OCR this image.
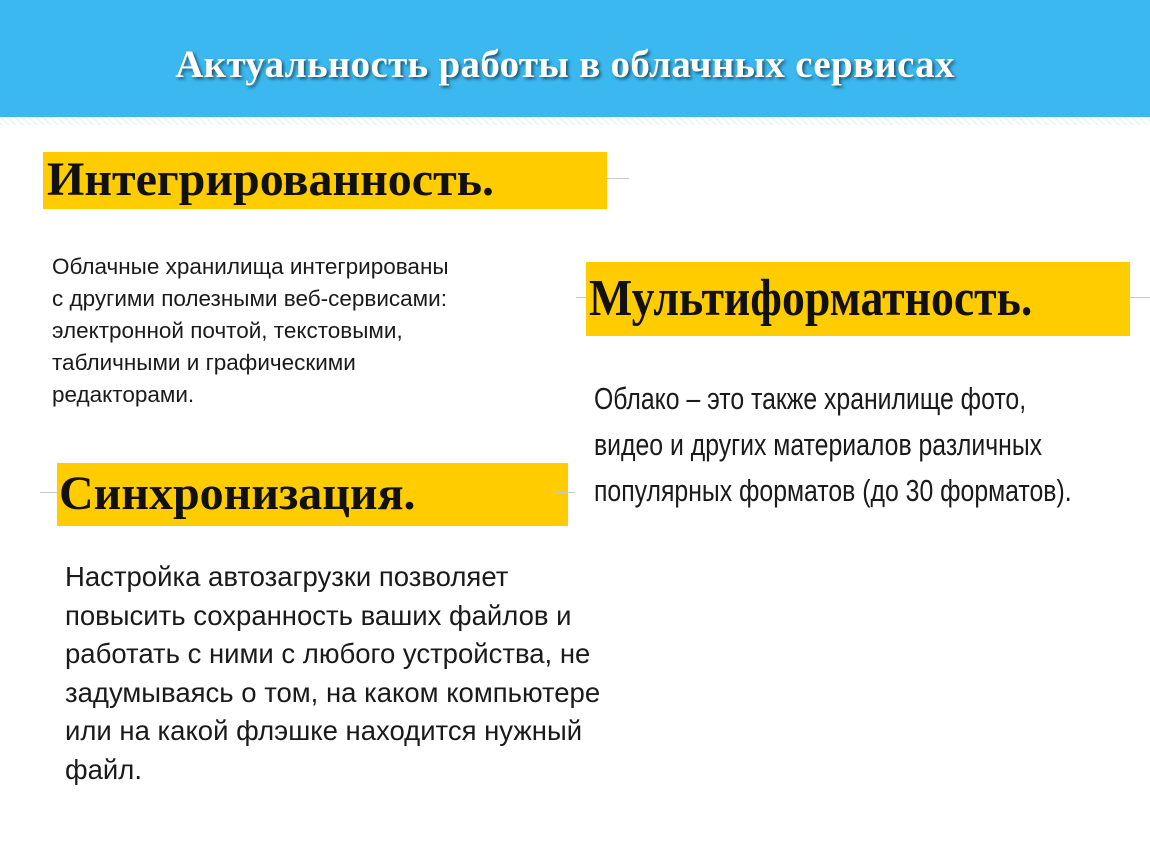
Актуальность работы в облачных сервисах
Интегрированность.
Облачные хранилища интегрированы
с другими полезными веб-сервисами:
электронной почтой, текстовыми,
табличными и графическими
редакторами.
Мультиформатность.
Облако – это также хранилище фото,
видео и других материалов различных
популярных форматов (до 30 форматов).
Синхронизация.
Настройка автозагрузки позволяет
повысить сохранность ваших файлов и
работать с ними с любого устройства, не
задумываясь о том, на каком компьютере
или на какой флэшке находится нужный
файл.
